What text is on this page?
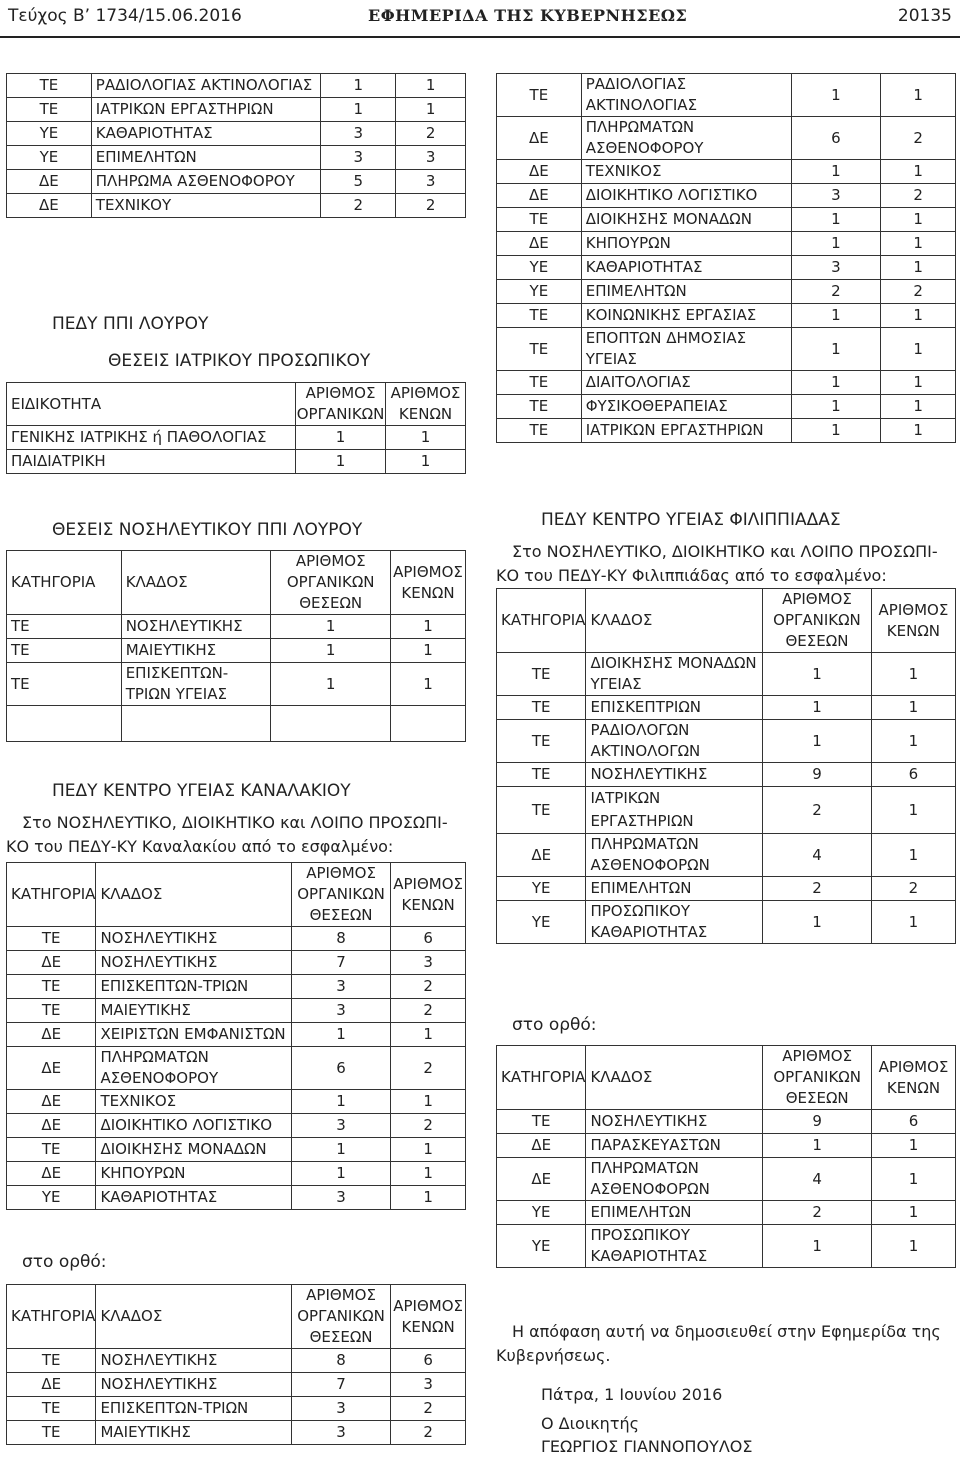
Τεύχος Β’ 1734/15.06.2016	ΕΦΗΜΕΡΙΔΑ ΤΗΣ ΚΥΒΕΡΝΗΣΕΩΣ	20135
ΤΕ	ΡΑΔΙΟΛΟΓΙΑΣ ΑΚΤΙΝΟΛΟΓΙΑΣ	1	1
ΤΕ	ΙΑΤΡΙΚΩΝ ΕΡΓΑΣΤΗΡΙΩΝ	1	1
ΥΕ	ΚΑΘΑΡΙΟΤΗΤΑΣ	3	2
ΥΕ	ΕΠΙΜΕΛΗΤΩΝ	3	3
ΔΕ	ΠΛΗΡΩΜΑ ΑΣΘΕΝΟΦΟΡΟΥ	5	3
ΔΕ	ΤΕΧΝΙΚΟΥ	2	2
ΠΕΔΥ ΠΠΙ ΛΟΥΡΟΥ
ΘΕΣΕΙΣ ΙΑΤΡΙΚΟΥ ΠΡΟΣΩΠΙΚΟΥ
ΕΙΔΙΚΟΤΗΤΑ	ΑΡΙΘΜΟΣ ΟΡΓΑΝΙΚΩΝ	ΑΡΙΘΜΟΣ ΚΕΝΩΝ
ΓΕΝΙΚΗΣ ΙΑΤΡΙΚΗΣ ή ΠΑΘΟΛΟΓΙΑΣ	1	1
ΠΑΙΔΙΑΤΡΙΚΗ	1	1
ΘΕΣΕΙΣ ΝΟΣΗΛΕΥΤΙΚΟΥ ΠΠΙ ΛΟΥΡΟΥ
ΚΑΤΗΓΟΡΙΑ	ΚΛΑΔΟΣ	ΑΡΙΘΜΟΣ ΟΡΓΑΝΙΚΩΝ ΘΕΣΕΩΝ	ΑΡΙΘΜΟΣ ΚΕΝΩΝ
ΤΕ	ΝΟΣΗΛΕΥΤΙΚΗΣ	1	1
ΤΕ	ΜΑΙΕΥΤΙΚΗΣ	1	1
ΤΕ	ΕΠΙΣΚΕΠΤΩΝ-ΤΡΙΩΝ ΥΓΕΙΑΣ	1	1

ΠΕΔΥ ΚΕΝΤΡΟ ΥΓΕΙΑΣ ΚΑΝΑΛΑΚΙΟΥ
Στο ΝΟΣΗΛΕΥΤΙΚΟ, ΔΙΟΙΚΗΤΙΚΟ και ΛΟΙΠΟ ΠΡΟΣΩΠΙ-
ΚΟ του ΠΕΔΥ-ΚΥ Καναλακίου από το εσφαλμένο:
ΚΑΤΗΓΟΡΙΑ	ΚΛΑΔΟΣ	ΑΡΙΘΜΟΣ ΟΡΓΑΝΙΚΩΝ ΘΕΣΕΩΝ	ΑΡΙΘΜΟΣ ΚΕΝΩΝ
ΤΕ	ΝΟΣΗΛΕΥΤΙΚΗΣ	8	6
ΔΕ	ΝΟΣΗΛΕΥΤΙΚΗΣ	7	3
ΤΕ	ΕΠΙΣΚΕΠΤΩΝ-ΤΡΙΩΝ	3	2
ΤΕ	ΜΑΙΕΥΤΙΚΗΣ	3	2
ΔΕ	ΧΕΙΡΙΣΤΩΝ ΕΜΦΑΝΙΣΤΩΝ	1	1
ΔΕ	ΠΛΗΡΩΜΑΤΩΝ ΑΣΘΕΝΟΦΟΡΟΥ	6	2
ΔΕ	ΤΕΧΝΙΚΟΣ	1	1
ΔΕ	ΔΙΟΙΚΗΤΙΚΟ ΛΟΓΙΣΤΙΚΟ	3	2
ΤΕ	ΔΙΟΙΚΗΣΗΣ ΜΟΝΑΔΩΝ	1	1
ΔΕ	ΚΗΠΟΥΡΩΝ	1	1
ΥΕ	ΚΑΘΑΡΙΟΤΗΤΑΣ	3	1
στο ορθό:
ΚΑΤΗΓΟΡΙΑ	ΚΛΑΔΟΣ	ΑΡΙΘΜΟΣ ΟΡΓΑΝΙΚΩΝ ΘΕΣΕΩΝ	ΑΡΙΘΜΟΣ ΚΕΝΩΝ
ΤΕ	ΝΟΣΗΛΕΥΤΙΚΗΣ	8	6
ΔΕ	ΝΟΣΗΛΕΥΤΙΚΗΣ	7	3
ΤΕ	ΕΠΙΣΚΕΠΤΩΝ-ΤΡΙΩΝ	3	2
ΤΕ	ΜΑΙΕΥΤΙΚΗΣ	3	2
ΤΕ	ΡΑΔΙΟΛΟΓΙΑΣ ΑΚΤΙΝΟΛΟΓΙΑΣ	1	1
ΔΕ	ΠΛΗΡΩΜΑΤΩΝ ΑΣΘΕΝΟΦΟΡΟΥ	6	2
ΔΕ	ΤΕΧΝΙΚΟΣ	1	1
ΔΕ	ΔΙΟΙΚΗΤΙΚΟ ΛΟΓΙΣΤΙΚΟ	3	2
ΤΕ	ΔΙΟΙΚΗΣΗΣ ΜΟΝΑΔΩΝ	1	1
ΔΕ	ΚΗΠΟΥΡΩΝ	1	1
ΥΕ	ΚΑΘΑΡΙΟΤΗΤΑΣ	3	1
ΥΕ	ΕΠΙΜΕΛΗΤΩΝ	2	2
ΤΕ	ΚΟΙΝΩΝΙΚΗΣ ΕΡΓΑΣΙΑΣ	1	1
ΤΕ	ΕΠΟΠΤΩΝ ΔΗΜΟΣΙΑΣ ΥΓΕΙΑΣ	1	1
ΤΕ	ΔΙΑΙΤΟΛΟΓΙΑΣ	1	1
ΤΕ	ΦΥΣΙΚΟΘΕΡΑΠΕΙΑΣ	1	1
ΤΕ	ΙΑΤΡΙΚΩΝ ΕΡΓΑΣΤΗΡΙΩΝ	1	1
ΠΕΔΥ ΚΕΝΤΡΟ ΥΓΕΙΑΣ ΦΙΛΙΠΠΙΑΔΑΣ
Στο ΝΟΣΗΛΕΥΤΙΚΟ, ΔΙΟΙΚΗΤΙΚΟ και ΛΟΙΠΟ ΠΡΟΣΩΠΙ-
ΚΟ του ΠΕΔΥ-ΚΥ Φιλιππιάδας από το εσφαλμένο:
ΚΑΤΗΓΟΡΙΑ	ΚΛΑΔΟΣ	ΑΡΙΘΜΟΣ ΟΡΓΑΝΙΚΩΝ ΘΕΣΕΩΝ	ΑΡΙΘΜΟΣ ΚΕΝΩΝ
ΤΕ	ΔΙΟΙΚΗΣΗΣ ΜΟΝΑΔΩΝ ΥΓΕΙΑΣ	1	1
ΤΕ	ΕΠΙΣΚΕΠΤΡΙΩΝ	1	1
ΤΕ	ΡΑΔΙΟΛΟΓΩΝ ΑΚΤΙΝΟΛΟΓΩΝ	1	1
ΤΕ	ΝΟΣΗΛΕΥΤΙΚΗΣ	9	6
ΤΕ	ΙΑΤΡΙΚΩΝ ΕΡΓΑΣΤΗΡΙΩΝ	2	1
ΔΕ	ΠΛΗΡΩΜΑΤΩΝ ΑΣΘΕΝΟΦΟΡΩΝ	4	1
ΥΕ	ΕΠΙΜΕΛΗΤΩΝ	2	2
ΥΕ	ΠΡΟΣΩΠΙΚΟΥ ΚΑΘΑΡΙΟΤΗΤΑΣ	1	1
στο ορθό:
ΚΑΤΗΓΟΡΙΑ	ΚΛΑΔΟΣ	ΑΡΙΘΜΟΣ ΟΡΓΑΝΙΚΩΝ ΘΕΣΕΩΝ	ΑΡΙΘΜΟΣ ΚΕΝΩΝ
ΤΕ	ΝΟΣΗΛΕΥΤΙΚΗΣ	9	6
ΔΕ	ΠΑΡΑΣΚΕΥΑΣΤΩΝ	1	1
ΔΕ	ΠΛΗΡΩΜΑΤΩΝ ΑΣΘΕΝΟΦΟΡΩΝ	4	1
ΥΕ	ΕΠΙΜΕΛΗΤΩΝ	2	1
ΥΕ	ΠΡΟΣΩΠΙΚΟΥ ΚΑΘΑΡΙΟΤΗΤΑΣ	1	1
Η απόφαση αυτή να δημοσιευθεί στην Εφημερίδα της
Κυβερνήσεως.
Πάτρα, 1 Ιουνίου 2016
Ο Διοικητής
ΓΕΩΡΓΙΟΣ ΓΙΑΝΝΟΠΟΥΛΟΣ
